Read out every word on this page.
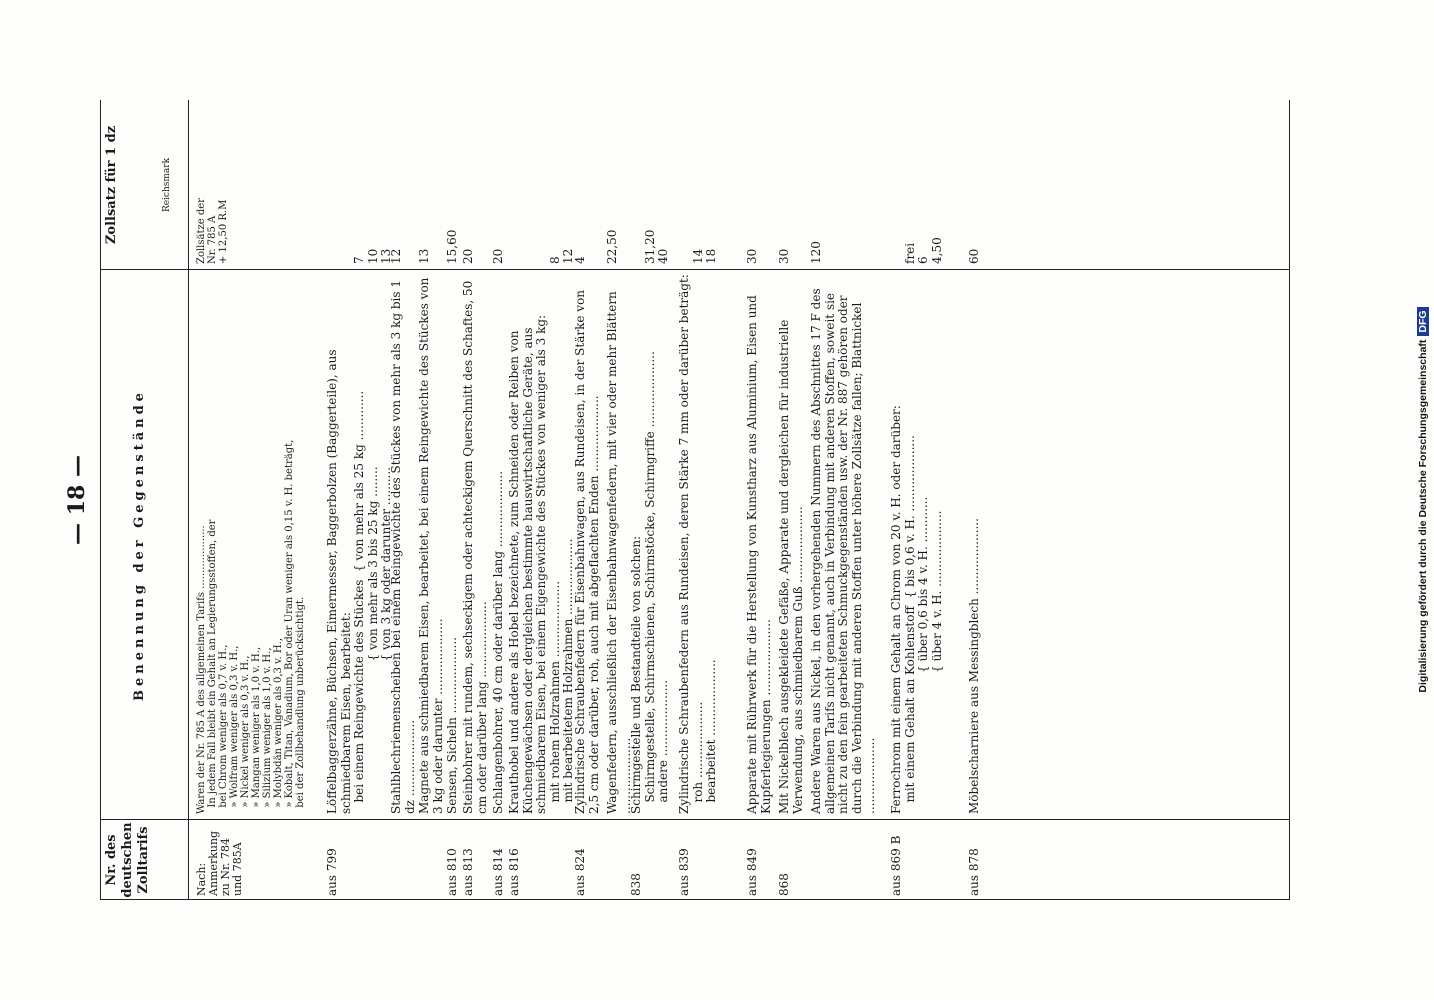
— 18 —
Nr. des deutschen Zolltarifs
Benennung der Gegenstände
Zollsatz für 1 dz	Reichsmark
Nach: Anmerkung zu Nr. 784 und 785A
Waren der Nr. 785 A des allgemeinen Tarifs ....................
In jedem Fall bleibt ein Gehalt an Legierungsstoffen, der
bei Chrom weniger als 0,7 v. H.,
» Wolfram weniger als 0,3 v. H.,
» Nickel weniger als 0,3 v. H.,
» Mangan weniger als 1,0 v. H.,
» Silizium weniger als 1,0 v. H.,
» Molybdän weniger als 0,3 v. H.,
» Kobalt, Titan, Vanadium, Bor oder Uran weniger als 0,15 v. H. beträgt,
bei der Zollbehandlung unberücksichtigt.
Zollsätze der
Nr. 785 A
+ 12,50 R.M
aus 799
Löffelbaggerzähne, Büchsen, Eimermesser, Baggerbolzen (Baggerteile), aus schmiedbarem Eisen, bearbeitet:
bei einem Reingewichte des Stückes  { von mehr als 25 kg .............
{ von mehr als 3 bis 25 kg ........
{ von 3 kg oder darunter ..........

7
10
13
Stahlblechriemenscheiben bei einem Reingewichte des Stückes von mehr als 3 kg bis 1 dz ....................
12
Magnete aus schmiedbarem Eisen, bearbeitet, bei einem Reingewichte des Stückes von 3 kg oder darunter ....................
13
aus 810
Sensen, Sicheln ....................
15,60
aus 813
Steinbohrer mit rundem, sechseckigem oder achteckigem Querschnitt des Schaftes, 50 cm oder darüber lang ....................
20
aus 814
Schlangenbohrer, 40 cm oder darüber lang ....................
20
aus 816
Krauthobel und andere als Hobel bezeichnete, zum Schneiden oder Reiben von Küchengewächsen oder dergleichen bestimmte hauswirtschaftliche Geräte, aus schmiedbarem Eisen, bei einem Eigengewichte des Stückes von weniger als 3 kg:
mit rohem Holzrahmen ....................
mit bearbeitetem Holzrahmen ....................

8
12
aus 824
Zylindrische Schraubenfedern für Eisenbahnwagen, aus Rundeisen, in der Stärke von 2,5 cm oder darüber, roh, auch mit abgeflachten Enden ....................
4
Wagenfedern, ausschließlich der Eisenbahnwagenfedern, mit vier oder mehr Blättern ....................
22,50
838
Schirmgestelle und Bestandteile von solchen:
Schirmgestelle, Schirmschienen, Schirmstöcke, Schirmgriffe ....................
andere ....................

31,20
40
aus 839
Zylindrische Schraubenfedern aus Rundeisen, deren Stärke 7 mm oder darüber beträgt:
roh ....................
bearbeitet ....................

14
18
aus 849
Apparate mit Rührwerk für die Herstellung von Kunstharz aus Aluminium, Eisen und Kupferlegierungen ....................
30
868
Mit Nickelblech ausgekleidete Gefäße, Apparate und dergleichen für industrielle Verwendung, aus schmiedbarem Guß ....................
30
Andere Waren aus Nickel, in den vorhergehenden Nummern des Abschnittes 17 F des allgemeinen Tarifs nicht genannt, auch in Verbindung mit anderen Stoffen, soweit sie nicht zu den fein gearbeiteten Schmuckgegenständen usw. der Nr. 887 gehören oder durch die Verbindung mit anderen Stoffen unter höhere Zollsätze fallen; Blattnickel ....................
120
aus 869 B
Ferrochrom mit einem Gehalt an Chrom von 20 v. H. oder darüber:
mit einem Gehalt an Kohlenstoff  { bis 0,6 v. H. ....................
{ über 0,6 bis 4 v. H. ............
{ über 4 v. H. ....................

frei
6
4,50
aus 878
Möbelscharniere aus Messingblech ....................
60
Digitalisierung gefördert durch die Deutsche ForschungsgemeinschaftDFG
